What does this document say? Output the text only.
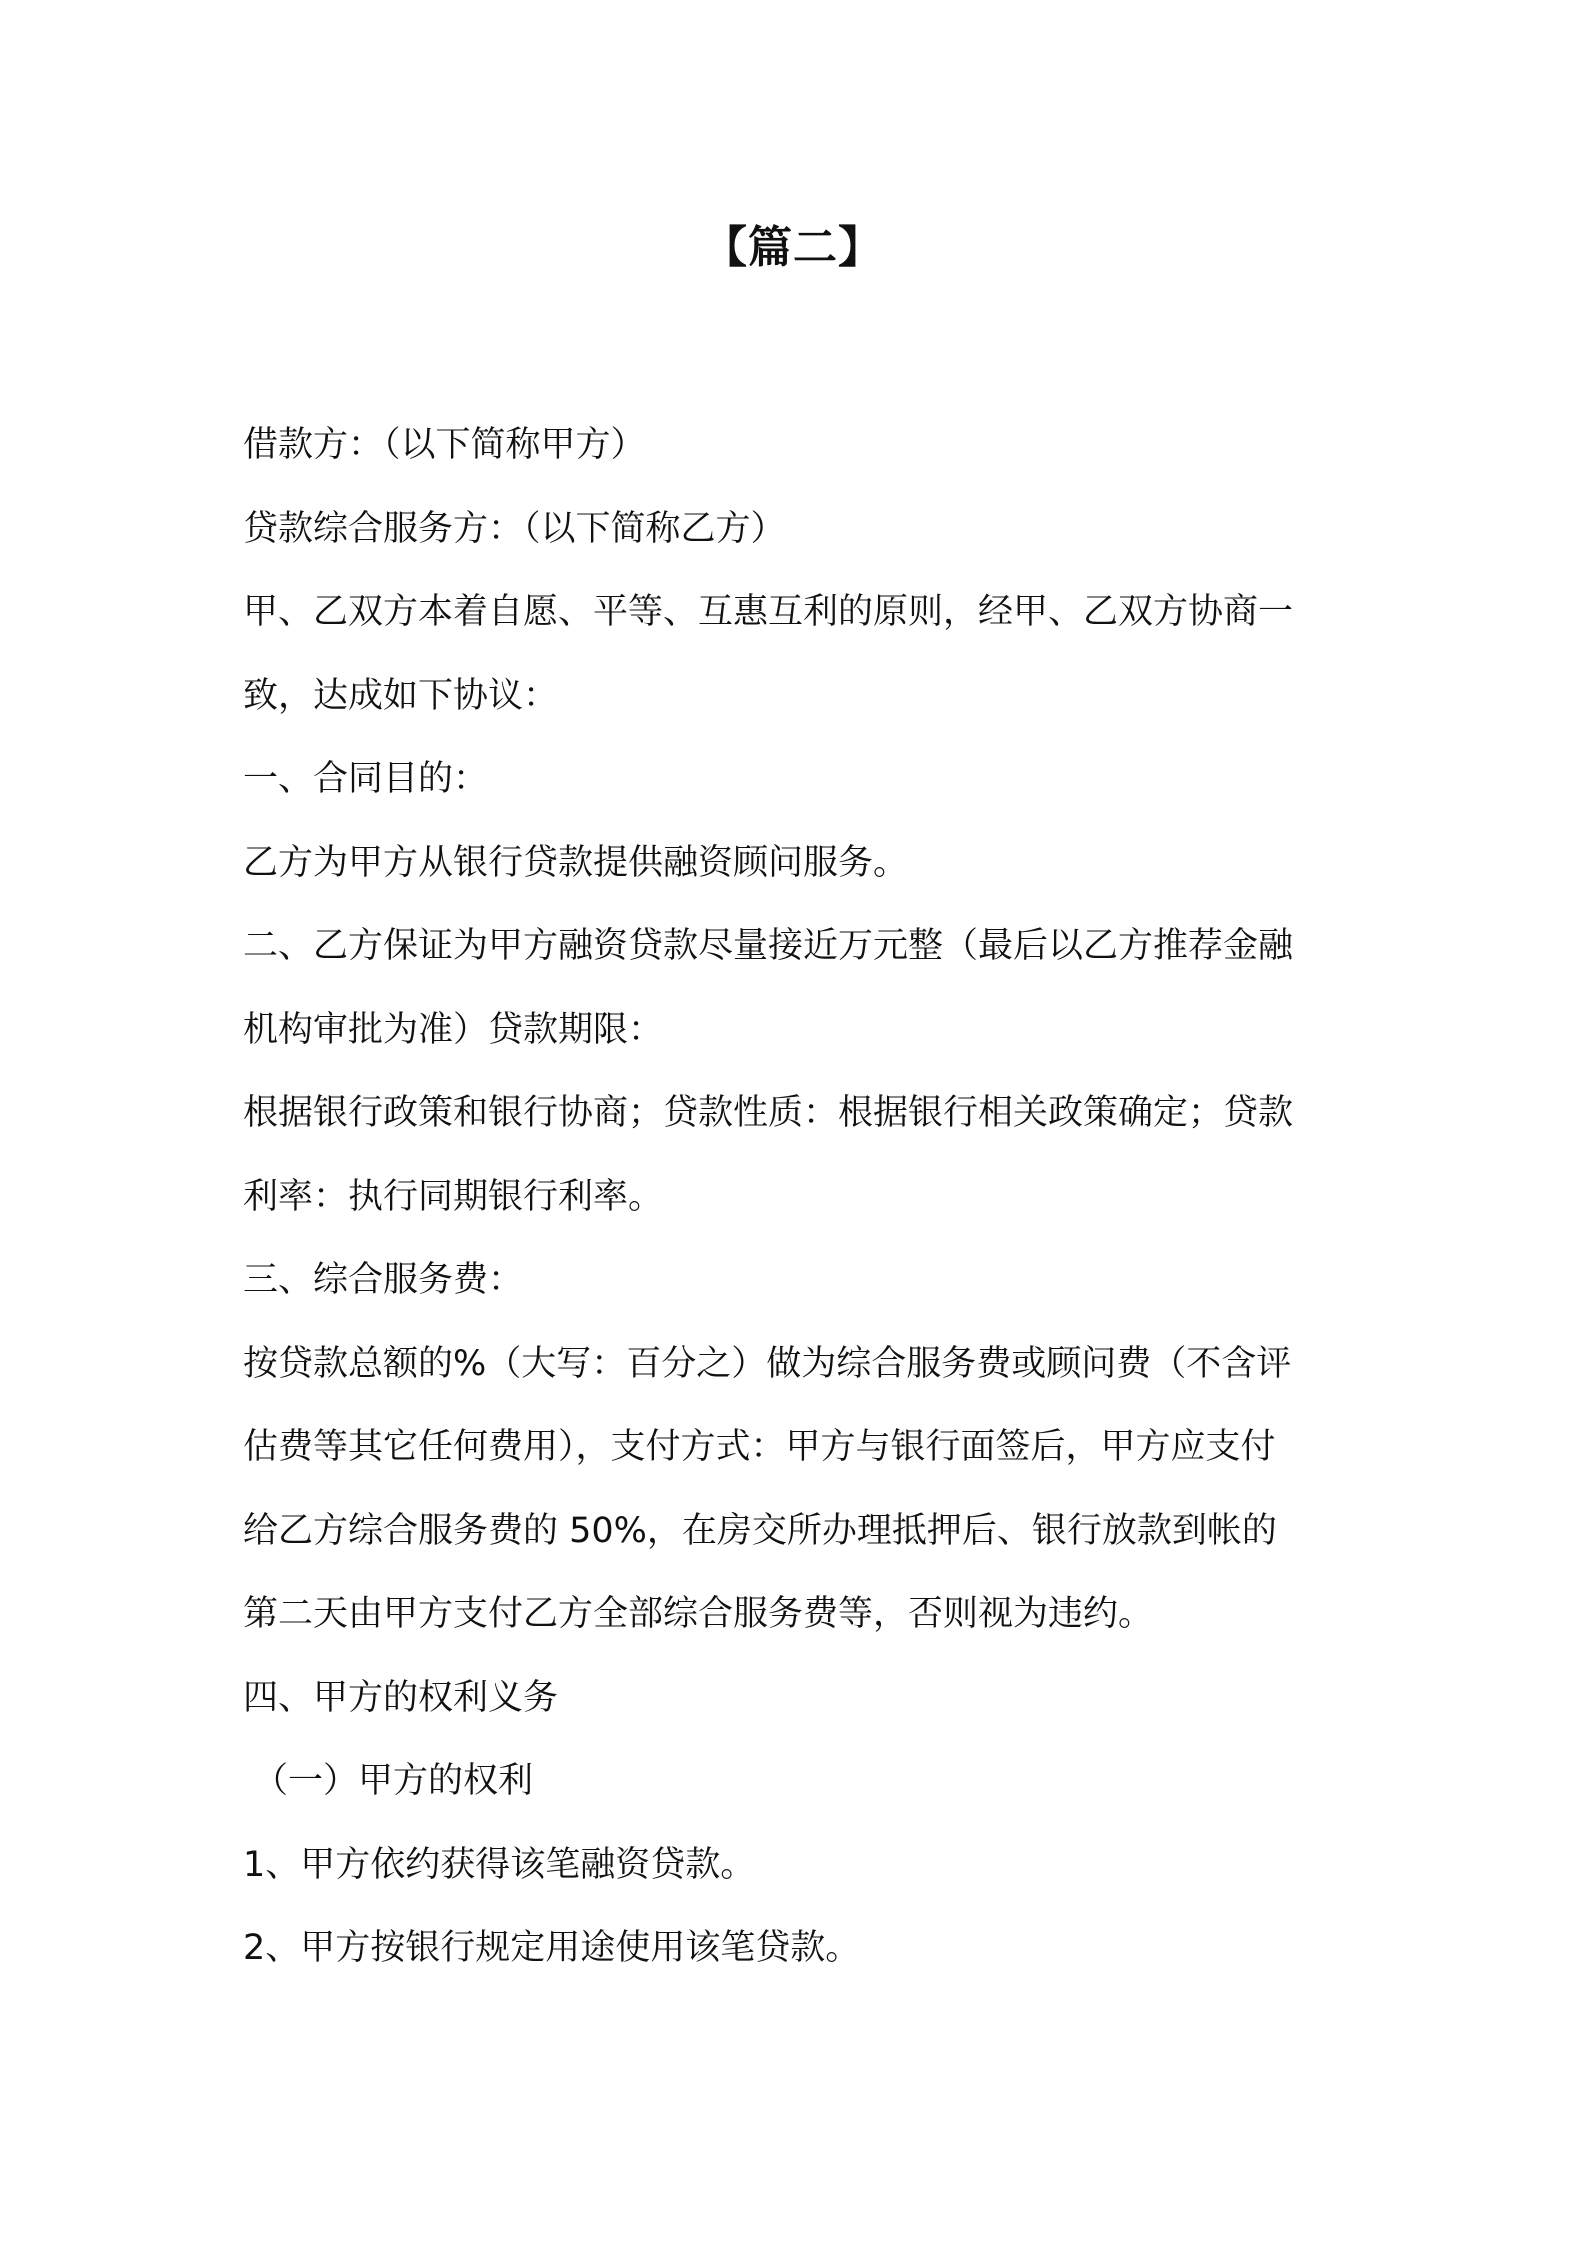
【篇二】

借款方：（以下简称甲方）

贷款综合服务方：（以下简称乙方）

甲、乙双方本着自愿、平等、互惠互利的原则，经甲、乙双方协商一

致，达成如下协议：

一、合同目的：

乙方为甲方从银行贷款提供融资顾问服务。

二、乙方保证为甲方融资贷款尽量接近万元整（最后以乙方推荐金融

机构审批为准）贷款期限：

根据银行政策和银行协商；贷款性质：根据银行相关政策确定；贷款

利率：执行同期银行利率。

三、综合服务费：

按贷款总额的%（大写：百分之）做为综合服务费或顾问费（不含评

估费等其它任何费用），支付方式：甲方与银行面签后，甲方应支付

给乙方综合服务费的 50%，在房交所办理抵押后、银行放款到帐的

第二天由甲方支付乙方全部综合服务费等，否则视为违约。

四、甲方的权利义务

（一）甲方的权利

1、甲方依约获得该笔融资贷款。

2、甲方按银行规定用途使用该笔贷款。
